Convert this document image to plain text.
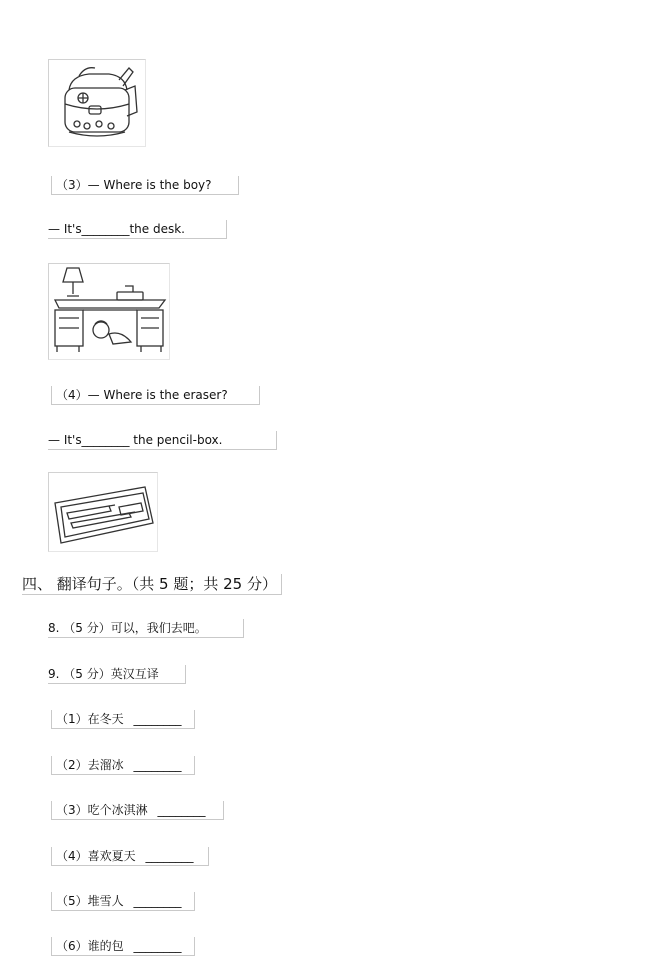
（3）— Where is the boy?
— It's ________the desk.
（4）— Where is the eraser?
— It's ________ the pencil-box.
四、 翻译句子。（共 5 题；共 25 分）
8. （5 分）可以，我们去吧。
9. （5 分）英汉互译
（1）在冬天 ________
（2）去溜冰 ________
（3）吃个冰淇淋 ________
（4）喜欢夏天 ________
（5）堆雪人 ________
（6）谁的包 ________
